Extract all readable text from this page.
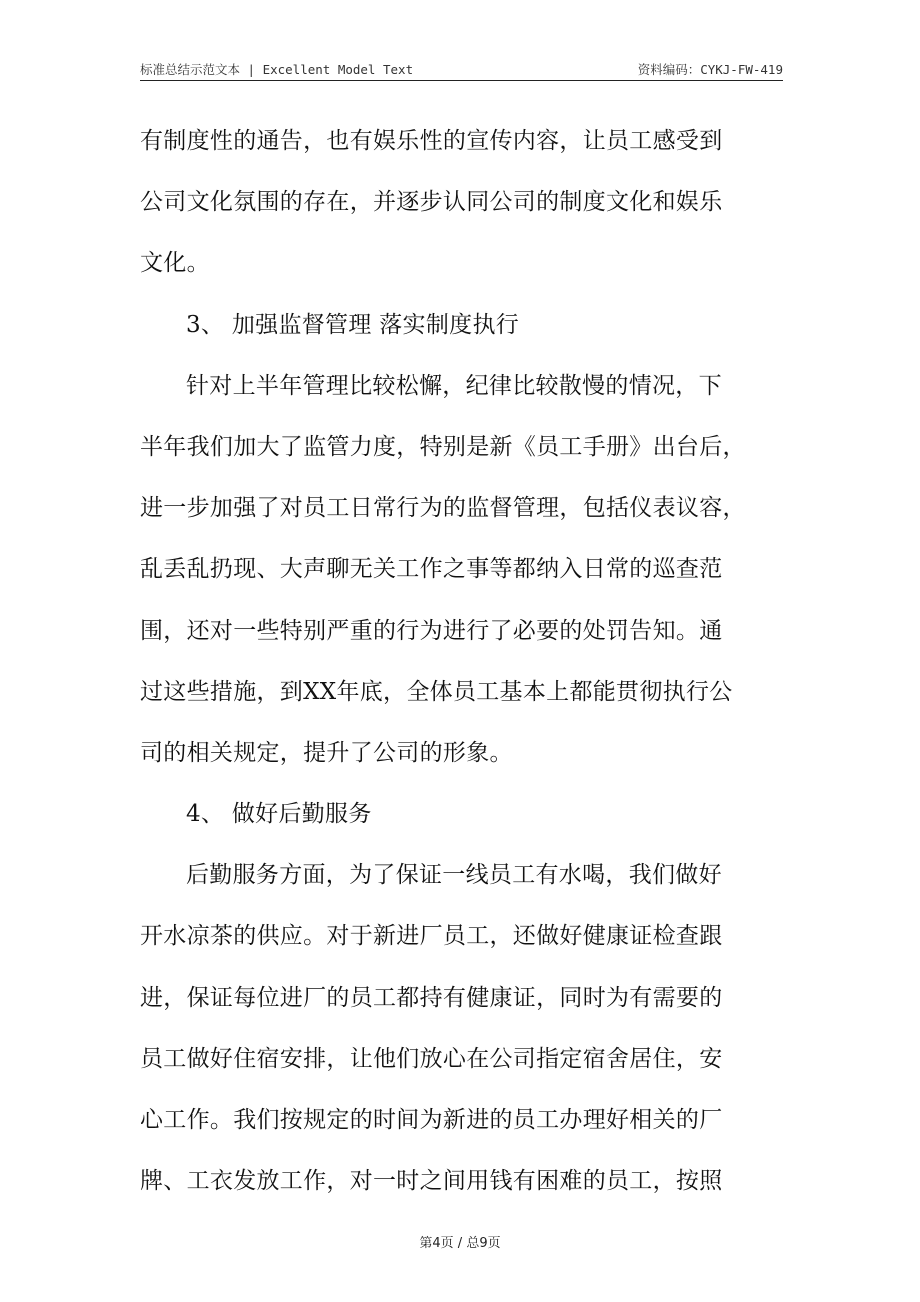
标准总结示范文本 | Excellent Model Text	资料编码：CYKJ-FW-419
有制度性的通告，也有娱乐性的宣传内容，让员工感受到
公司文化氛围的存在，并逐步认同公司的制度文化和娱乐
文化。
3、 加强监督管理 落实制度执行
针对上半年管理比较松懈，纪律比较散慢的情况，下
半年我们加大了监管力度，特别是新《员工手册》出台后，
进一步加强了对员工日常行为的监督管理，包括仪表议容，
乱丢乱扔现、大声聊无关工作之事等都纳入日常的巡查范
围，还对一些特别严重的行为进行了必要的处罚告知。通
过这些措施，到XX年底，全体员工基本上都能贯彻执行公
司的相关规定，提升了公司的形象。
4、 做好后勤服务
后勤服务方面，为了保证一线员工有水喝，我们做好
开水凉茶的供应。对于新进厂员工，还做好健康证检查跟
进，保证每位进厂的员工都持有健康证，同时为有需要的
员工做好住宿安排，让他们放心在公司指定宿舍居住，安
心工作。我们按规定的时间为新进的员工办理好相关的厂
牌、工衣发放工作，对一时之间用钱有困难的员工，按照
第4页 / 总9页
